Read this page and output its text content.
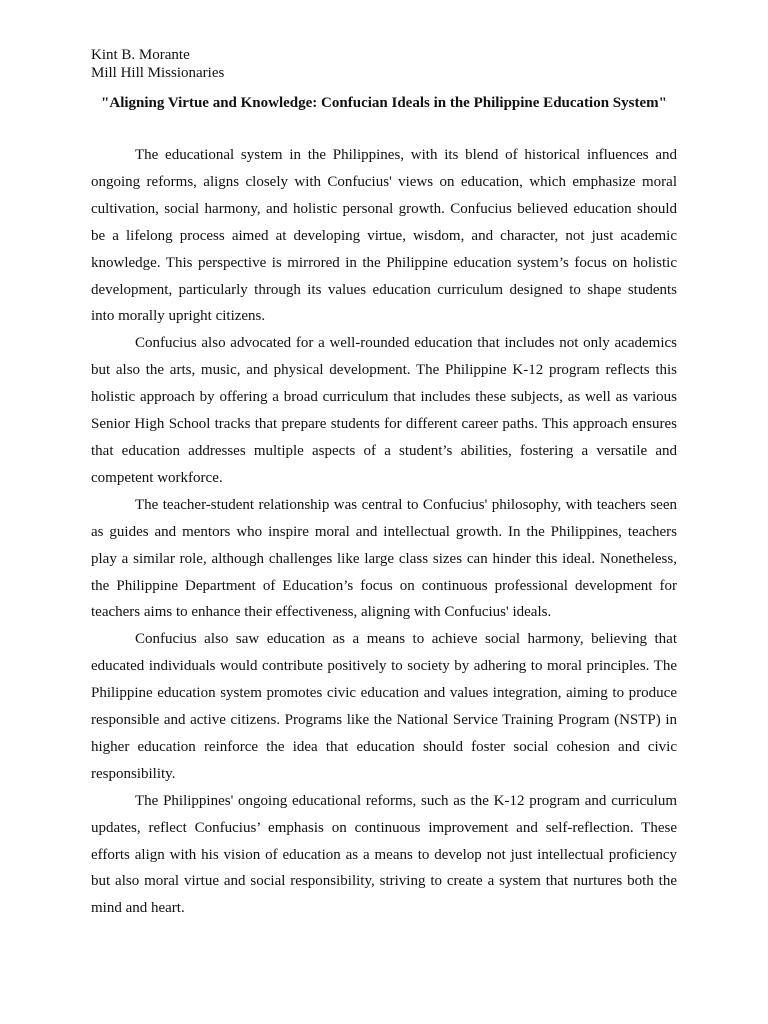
Kint B. Morante
Mill Hill Missionaries
"Aligning Virtue and Knowledge: Confucian Ideals in the Philippine Education System"

The educational system in the Philippines, with its blend of historical influences and ongoing reforms, aligns closely with Confucius' views on education, which emphasize moral cultivation, social harmony, and holistic personal growth. Confucius believed education should be a lifelong process aimed at developing virtue, wisdom, and character, not just academic knowledge. This perspective is mirrored in the Philippine education system’s focus on holistic development, particularly through its values education curriculum designed to shape students into morally upright citizens.

Confucius also advocated for a well-rounded education that includes not only academics but also the arts, music, and physical development. The Philippine K-12 program reflects this holistic approach by offering a broad curriculum that includes these subjects, as well as various Senior High School tracks that prepare students for different career paths. This approach ensures that education addresses multiple aspects of a student’s abilities, fostering a versatile and competent workforce.

The teacher-student relationship was central to Confucius' philosophy, with teachers seen as guides and mentors who inspire moral and intellectual growth. In the Philippines, teachers play a similar role, although challenges like large class sizes can hinder this ideal. Nonetheless, the Philippine Department of Education’s focus on continuous professional development for teachers aims to enhance their effectiveness, aligning with Confucius' ideals.

Confucius also saw education as a means to achieve social harmony, believing that educated individuals would contribute positively to society by adhering to moral principles. The Philippine education system promotes civic education and values integration, aiming to produce responsible and active citizens. Programs like the National Service Training Program (NSTP) in higher education reinforce the idea that education should foster social cohesion and civic responsibility.

The Philippines' ongoing educational reforms, such as the K-12 program and curriculum updates, reflect Confucius’ emphasis on continuous improvement and self-reflection. These efforts align with his vision of education as a means to develop not just intellectual proficiency but also moral virtue and social responsibility, striving to create a system that nurtures both the mind and heart.
